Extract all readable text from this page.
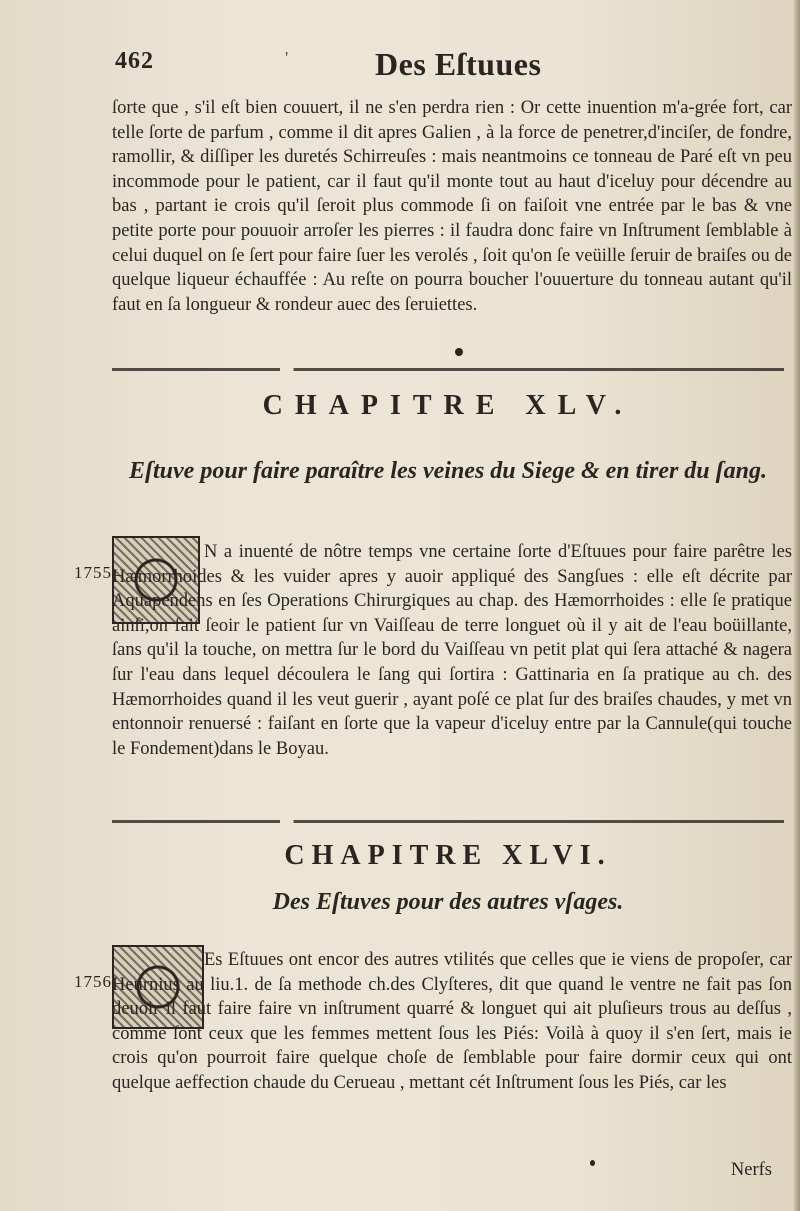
462	'	Des Eſtuues
ſorte que , s'il eſt bien couuert, il ne s'en perdra rien : Or cette inuention m'a-grée fort, car telle ſorte de parfum , comme il dit apres Galien , à la force de penetrer,d'inciſer, de fondre, ramollir, & diſſiper les duretés Schirreuſes : mais neantmoins ce tonneau de Paré eſt vn peu incommode pour le patient, car il faut qu'il monte tout au haut d'iceluy pour décendre au bas , partant ie crois qu'il ſeroit plus commode ſi on faiſoit vne entrée par le bas & vne petite porte pour pouuoir arroſer les pierres : il faudra donc faire vn Inſtrument ſemblable à celui duquel on ſe ſert pour faire ſuer les verolés , ſoit qu'on ſe veüille ſeruir de braiſes ou de quelque liqueur échauffée : Au reſte on pourra boucher l'ouuerture du tonneau autant qu'il faut en ſa longueur & rondeur auec des ſeruiettes.
CHAPITRE XLV.
Eſtuve pour faire paraître les veines du Siege & en tirer du ſang.
1755
N a inuenté de nôtre temps vne certaine ſorte d'Eſtuues pour faire parêtre les Hæmorrhoides & les vuider apres y auoir appliqué des Sangſues : elle eſt décrite par Aquapendens en ſes Operations Chirurgiques au chap. des Hæmorrhoides : elle ſe pratique ainſi,on fait ſeoir le patient ſur vn Vaiſſeau de terre longuet où il y ait de l'eau boüillante, ſans qu'il la touche, on mettra ſur le bord du Vaiſſeau vn petit plat qui ſera attaché & nagera ſur l'eau dans lequel découlera le ſang qui ſortira : Gattinaria en ſa pratique au ch. des Hæmorrhoides quand il les veut guerir , ayant poſé ce plat ſur des braiſes chaudes, y met vn entonnoir renuersé : faiſant en ſorte que la vapeur d'iceluy entre par la Cannule(qui touche le Fondement)dans le Boyau.
CHAPITRE XLVI.
Des Eſtuves pour des autres vſages.
1756
Es Eſtuues ont encor des autres vtilités que celles que ie viens de propoſer, car Heurnius au liu.1. de ſa methode ch.des Clyſteres, dit que quand le ventre ne fait pas ſon deuoir il faut faire faire vn inſtrument quarré & longuet qui ait pluſieurs trous au deſſus , comme ſont ceux que les femmes mettent ſous les Piés: Voilà à quoy il s'en ſert, mais ie crois qu'on pourroit faire quelque choſe de ſemblable pour faire dormir ceux qui ont quelque aeffection chaude du Cerueau , mettant cét Inſtrument ſous les Piés, car les
Nerfs
